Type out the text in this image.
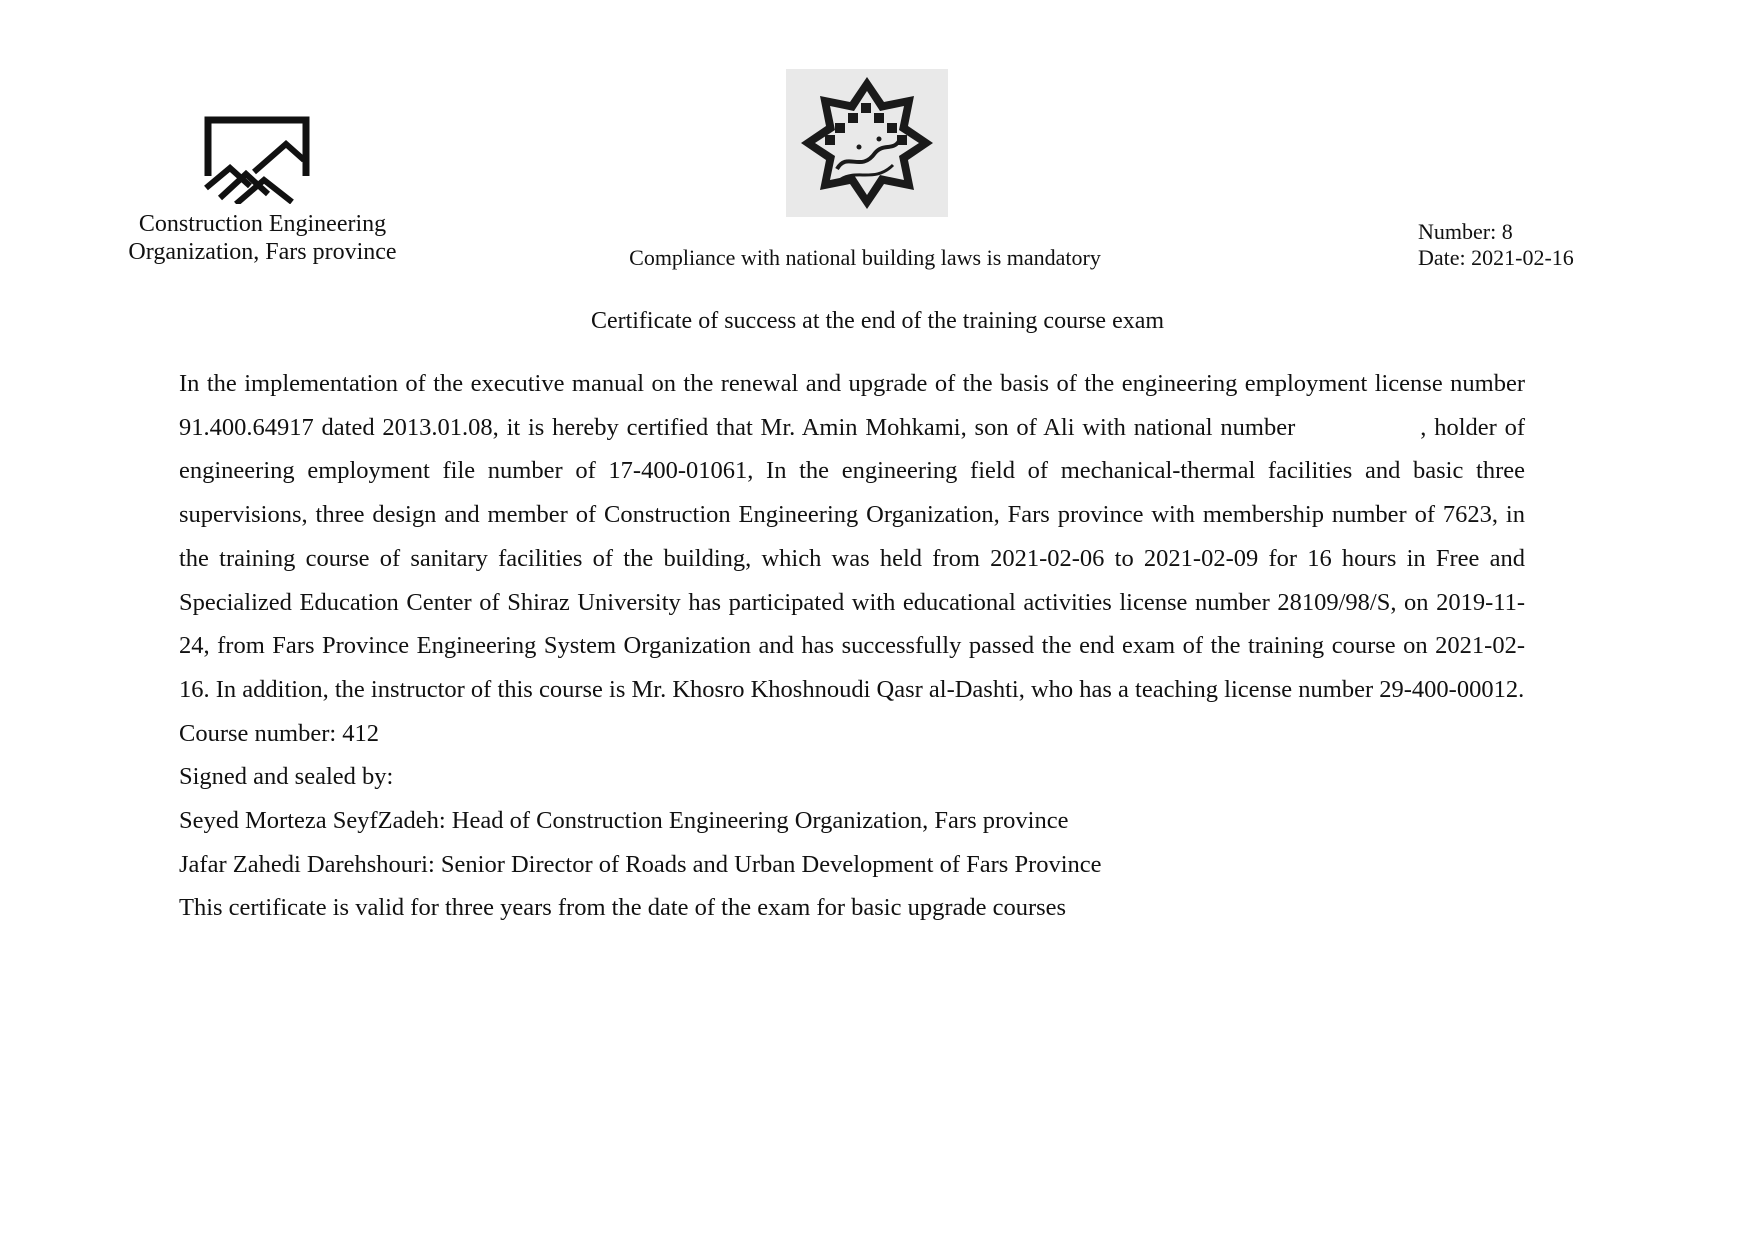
Construction Engineering
Organization, Fars province	Compliance with national building laws is mandatory
Number: 8
Date: 2021-02-16
Certificate of success at the end of the training course exam

In the implementation of the executive manual on the renewal and upgrade of the basis of the engineering employment license number 91.400.64917 dated 2013.01.08, it is hereby certified that Mr. Amin Mohkami, son of Ali with national number	, holder of engineering employment file number of 17-400-01061, In the engineering field of mechanical-thermal facilities and basic three supervisions, three design and member of Construction Engineering Organization, Fars province with membership number of 7623, in the training course of sanitary facilities of the building, which was held from 2021-02-06 to 2021-02-09 for 16 hours in Free and Specialized Education Center of Shiraz University has participated with educational activities license number 28109/98/S, on 2019-11-24, from Fars Province Engineering System Organization and has successfully passed the end exam of the training course on 2021-02-16. In addition, the instructor of this course is Mr. Khosro Khoshnoudi Qasr al-Dashti, who has a teaching license number 29-400-00012.

Course number: 412

Signed and sealed by:

Seyed Morteza SeyfZadeh: Head of Construction Engineering Organization, Fars province

Jafar Zahedi Darehshouri: Senior Director of Roads and Urban Development of Fars Province

This certificate is valid for three years from the date of the exam for basic upgrade courses
